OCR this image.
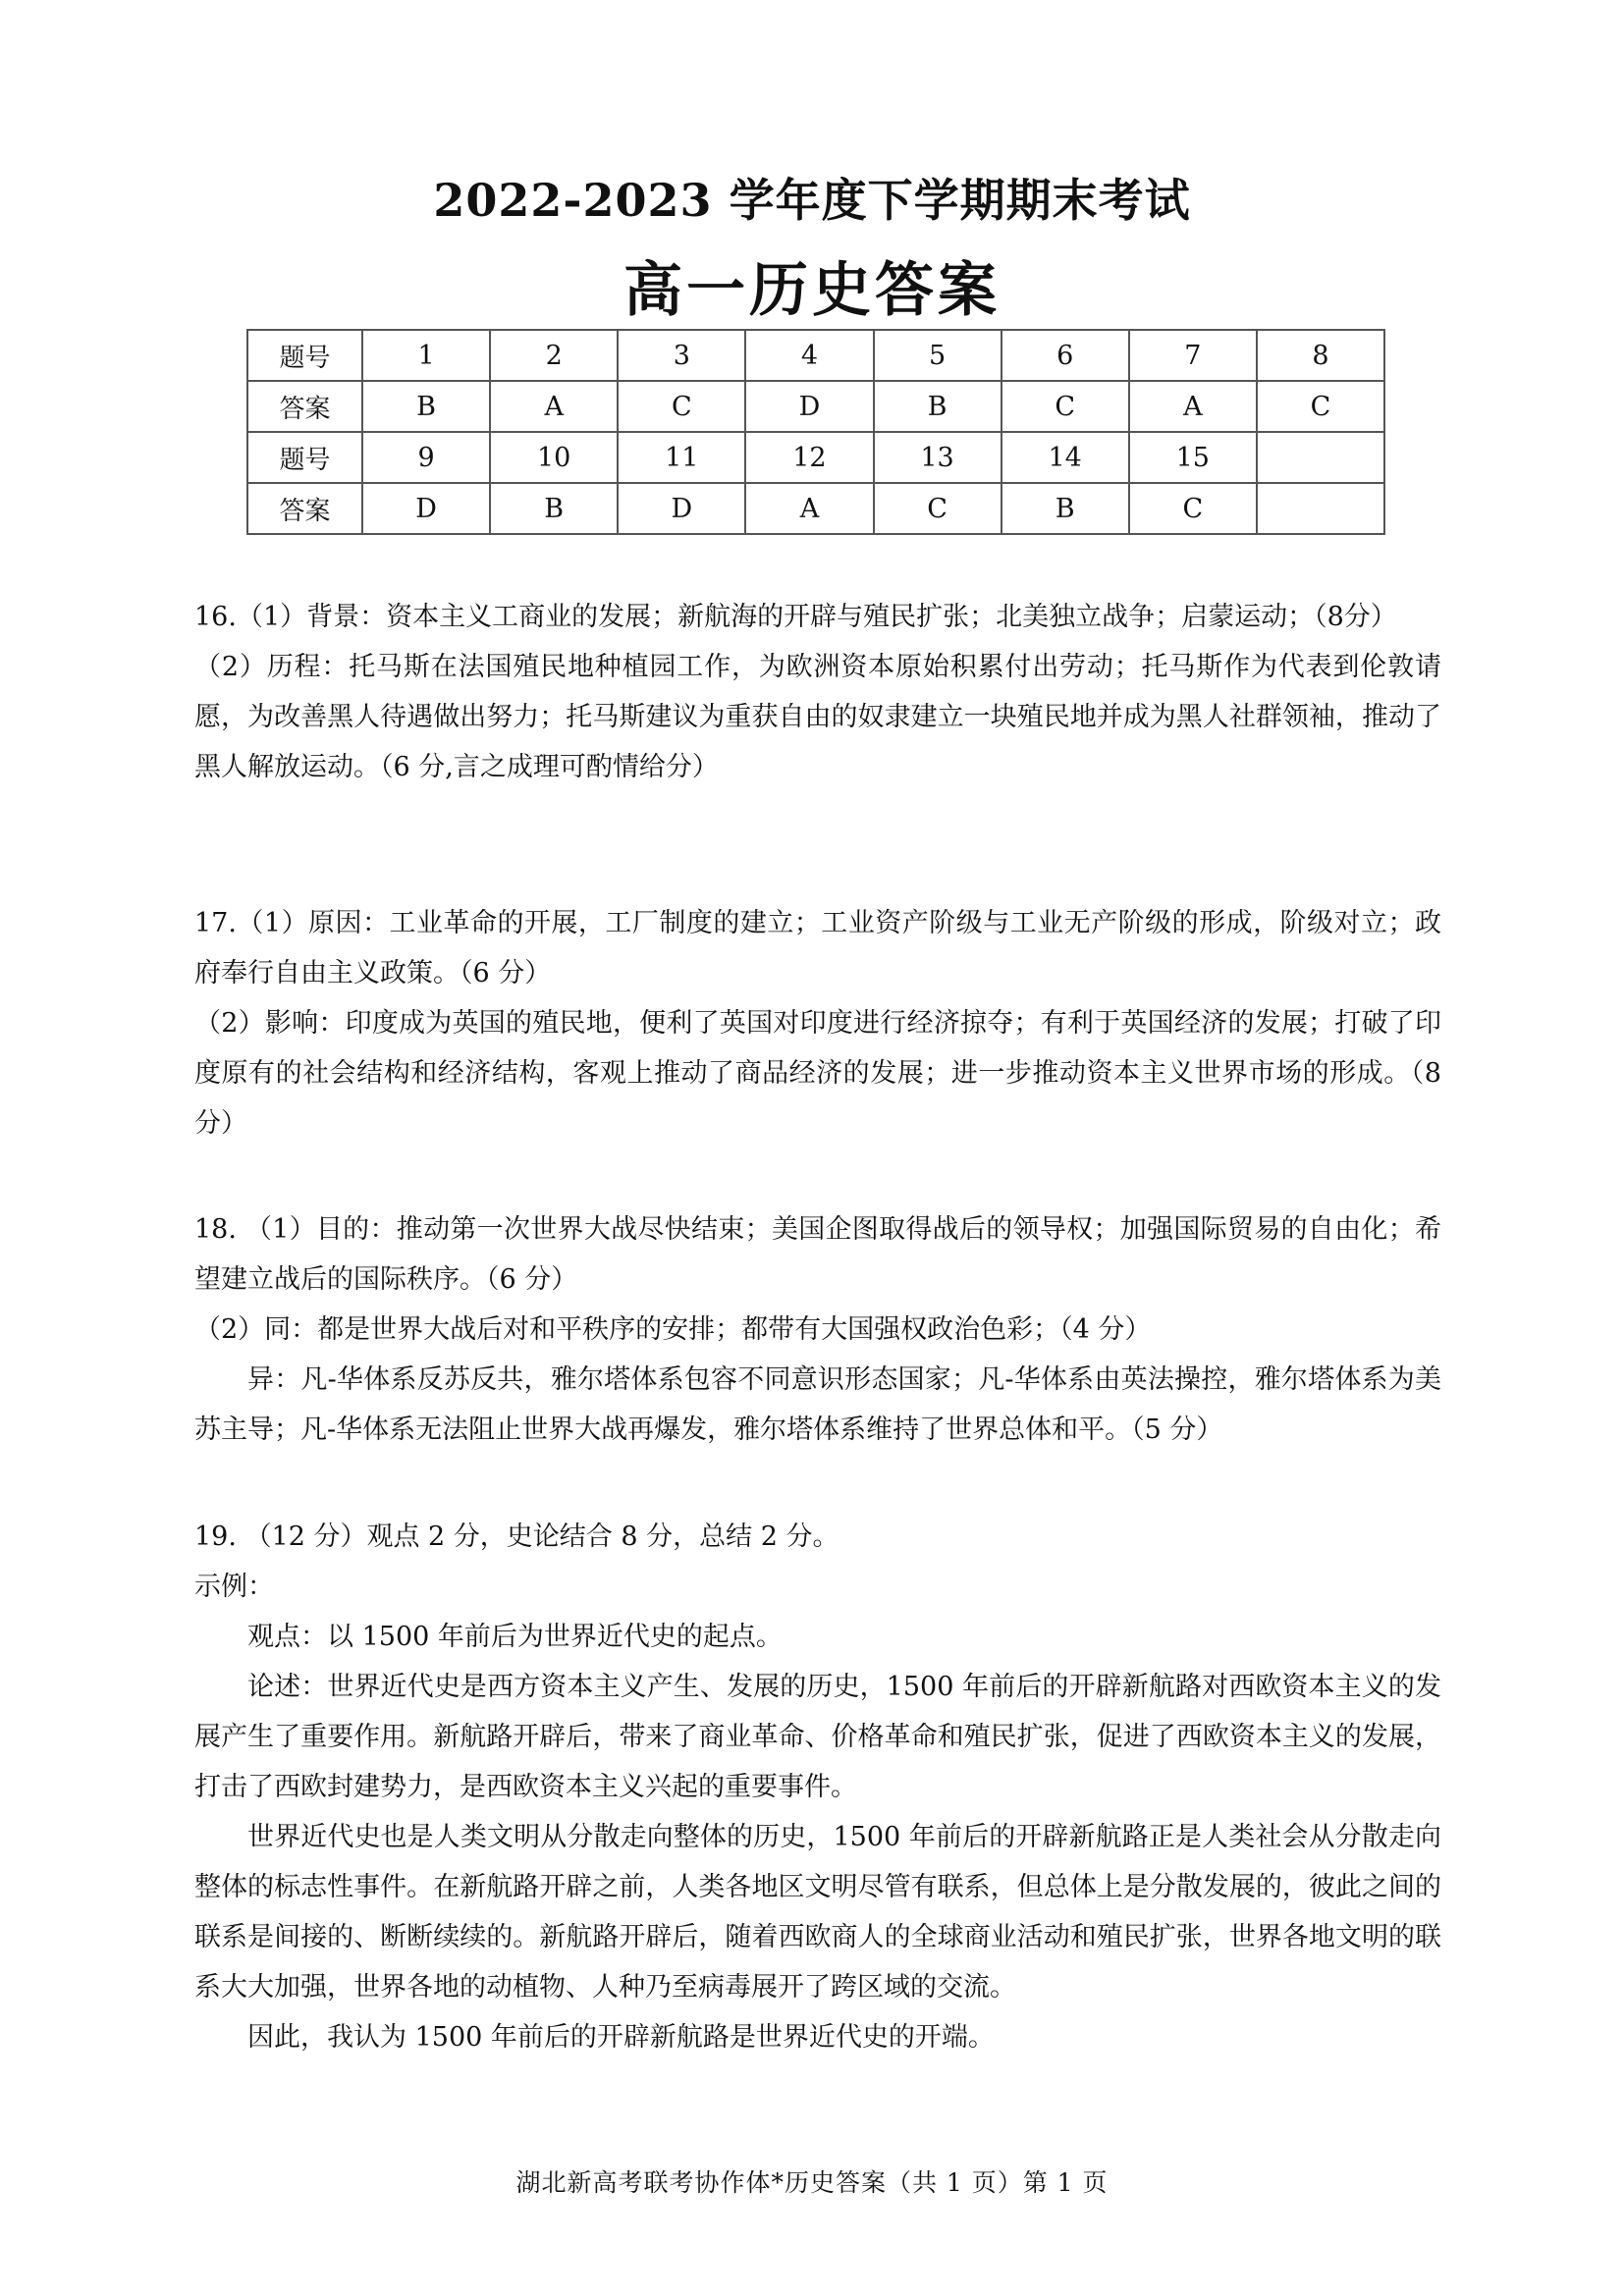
2022-2023 学年度下学期期末考试
高一历史答案
题号	1	2	3	4	5	6	7	8
答案	B	A	C	D	B	C	A	C
题号	9	10	11	12	13	14	15	
答案	D	B	D	A	C	B	C	

16.（1）背景：资本主义工商业的发展；新航海的开辟与殖民扩张；北美独立战争；启蒙运动；（8分）

（2）历程：托马斯在法国殖民地种植园工作，为欧洲资本原始积累付出劳动；托马斯作为代表到伦敦请愿，为改善黑人待遇做出努力；托马斯建议为重获自由的奴隶建立一块殖民地并成为黑人社群领袖，推动了黑人解放运动。（6 分,言之成理可酌情给分）

17.（1）原因：工业革命的开展，工厂制度的建立；工业资产阶级与工业无产阶级的形成，阶级对立；政府奉行自由主义政策。（6 分）

（2）影响：印度成为英国的殖民地，便利了英国对印度进行经济掠夺；有利于英国经济的发展；打破了印度原有的社会结构和经济结构，客观上推动了商品经济的发展；进一步推动资本主义世界市场的形成。（8 分）

18. （1）目的：推动第一次世界大战尽快结束；美国企图取得战后的领导权；加强国际贸易的自由化；希望建立战后的国际秩序。（6 分）

（2）同：都是世界大战后对和平秩序的安排；都带有大国强权政治色彩；（4 分）

异：凡-华体系反苏反共，雅尔塔体系包容不同意识形态国家；凡-华体系由英法操控，雅尔塔体系为美苏主导；凡-华体系无法阻止世界大战再爆发，雅尔塔体系维持了世界总体和平。（5 分）

19. （12 分）观点 2 分，史论结合 8 分，总结 2 分。

示例：

观点：以 1500 年前后为世界近代史的起点。

论述：世界近代史是西方资本主义产生、发展的历史，1500 年前后的开辟新航路对西欧资本主义的发展产生了重要作用。新航路开辟后，带来了商业革命、价格革命和殖民扩张，促进了西欧资本主义的发展，打击了西欧封建势力，是西欧资本主义兴起的重要事件。

世界近代史也是人类文明从分散走向整体的历史，1500 年前后的开辟新航路正是人类社会从分散走向整体的标志性事件。在新航路开辟之前，人类各地区文明尽管有联系，但总体上是分散发展的，彼此之间的联系是间接的、断断续续的。新航路开辟后，随着西欧商人的全球商业活动和殖民扩张，世界各地文明的联系大大加强，世界各地的动植物、人种乃至病毒展开了跨区域的交流。

因此，我认为 1500 年前后的开辟新航路是世界近代史的开端。

湖北新高考联考协作体*历史答案（共 1 页）第 1 页
